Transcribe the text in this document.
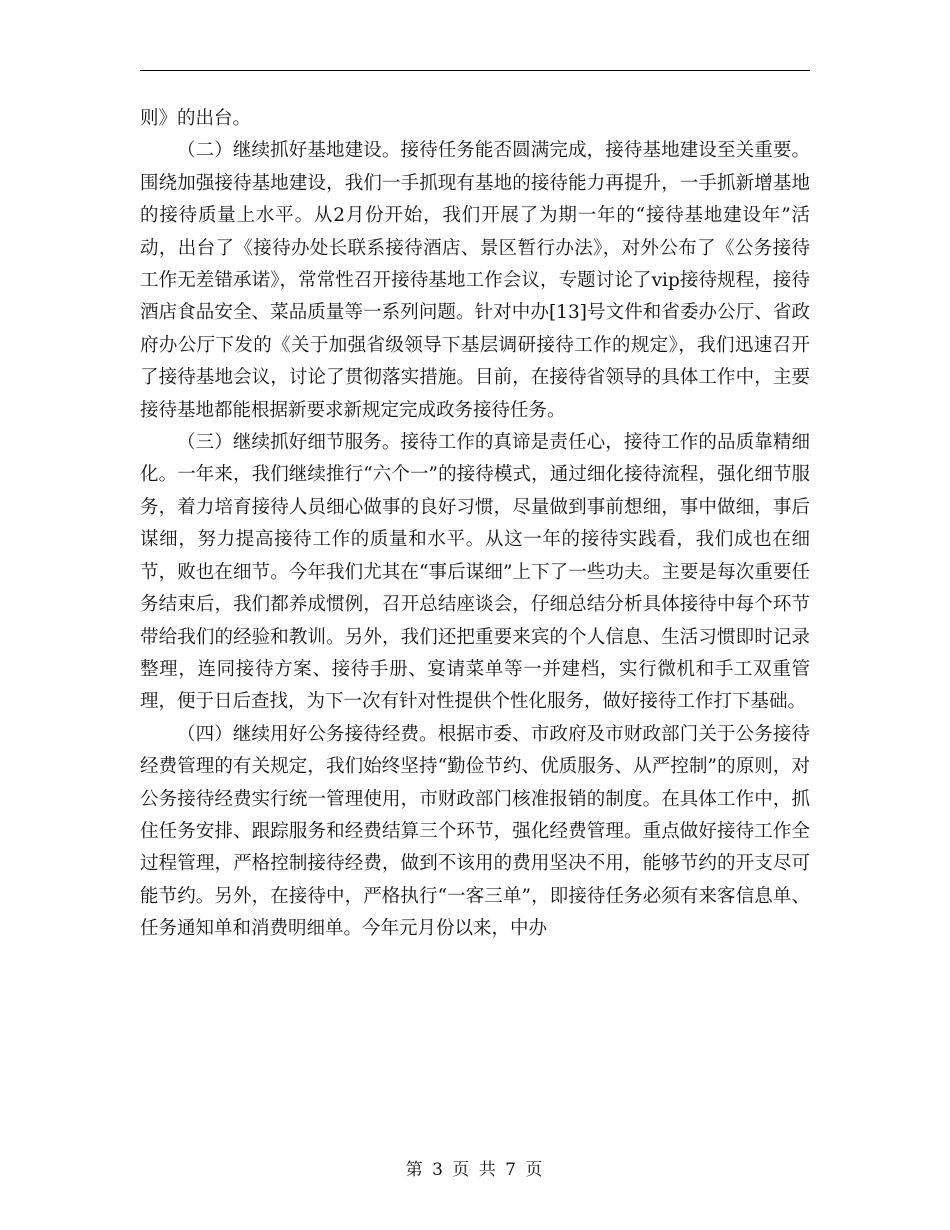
则》的出台。

（二）继续抓好基地建设。接待任务能否圆满完成，接待基地建设至关重要。围绕加强接待基地建设，我们一手抓现有基地的接待能力再提升，一手抓新增基地的接待质量上水平。从2月份开始，我们开展了为期一年的“接待基地建设年”活动，出台了《接待办处长联系接待酒店、景区暂行办法》，对外公布了《公务接待工作无差错承诺》，常常性召开接待基地工作会议，专题讨论了vip接待规程，接待酒店食品安全、菜品质量等一系列问题。针对中办[13]号文件和省委办公厅、省政府办公厅下发的《关于加强省级领导下基层调研接待工作的规定》，我们迅速召开了接待基地会议，讨论了贯彻落实措施。目前，在接待省领导的具体工作中，主要接待基地都能根据新要求新规定完成政务接待任务。

（三）继续抓好细节服务。接待工作的真谛是责任心，接待工作的品质靠精细化。一年来，我们继续推行“六个一”的接待模式，通过细化接待流程，强化细节服务，着力培育接待人员细心做事的良好习惯，尽量做到事前想细，事中做细，事后谋细，努力提高接待工作的质量和水平。从这一年的接待实践看，我们成也在细节，败也在细节。今年我们尤其在“事后谋细”上下了一些功夫。主要是每次重要任务结束后，我们都养成惯例，召开总结座谈会，仔细总结分析具体接待中每个环节带给我们的经验和教训。另外，我们还把重要来宾的个人信息、生活习惯即时记录整理，连同接待方案、接待手册、宴请菜单等一并建档，实行微机和手工双重管理，便于日后查找，为下一次有针对性提供个性化服务，做好接待工作打下基础。

（四）继续用好公务接待经费。根据市委、市政府及市财政部门关于公务接待经费管理的有关规定，我们始终坚持“勤俭节约、优质服务、从严控制”的原则，对公务接待经费实行统一管理使用，市财政部门核准报销的制度。在具体工作中，抓住任务安排、跟踪服务和经费结算三个环节，强化经费管理。重点做好接待工作全过程管理，严格控制接待经费，做到不该用的费用坚决不用，能够节约的开支尽可能节约。另外，在接待中，严格执行“一客三单”，即接待任务必须有来客信息单、任务通知单和消费明细单。今年元月份以来，中办

第 3 页 共 7 页
